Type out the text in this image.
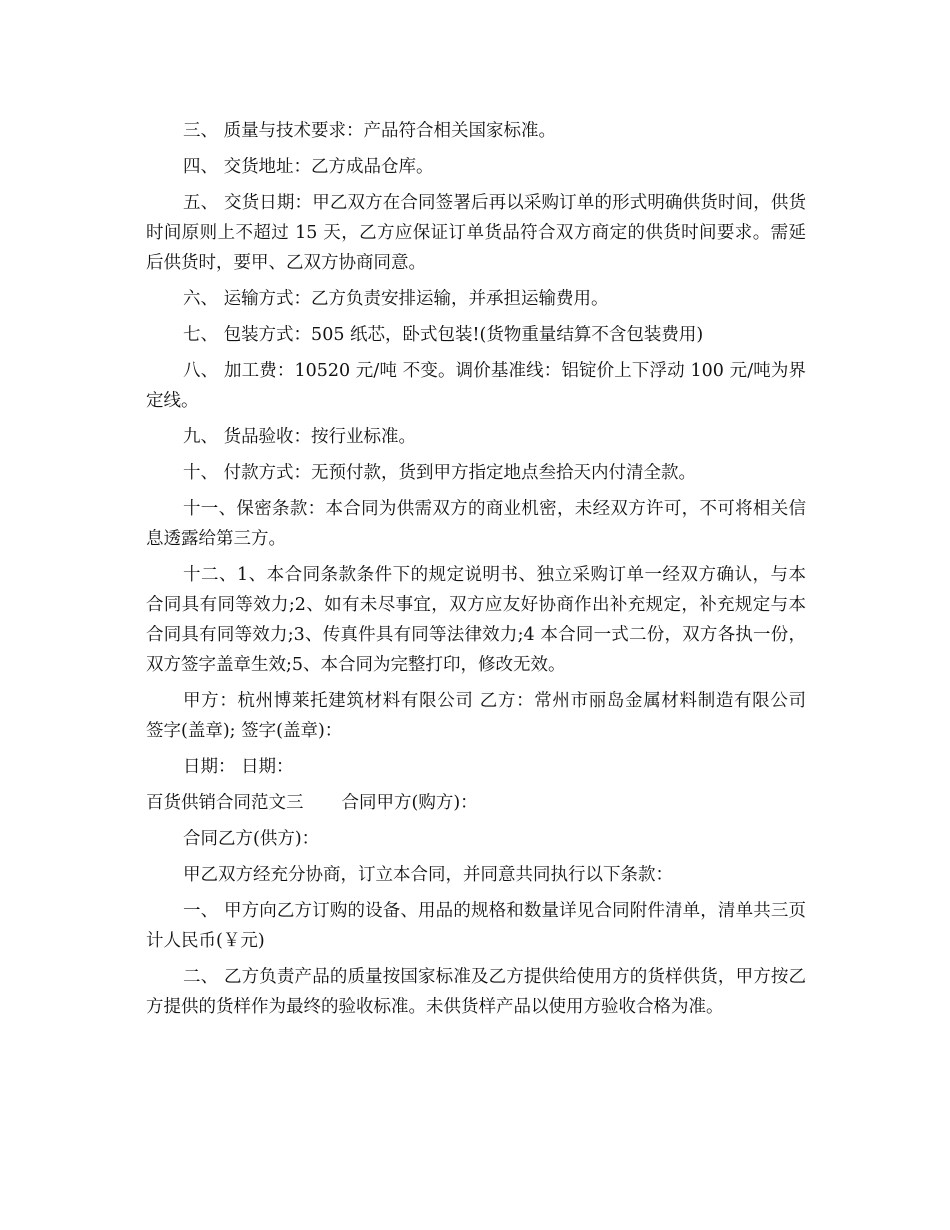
三、 质量与技术要求：产品符合相关国家标准。

四、 交货地址：乙方成品仓库。

五、 交货日期：甲乙双方在合同签署后再以采购订单的形式明确供货时间，供货时间原则上不超过 15 天，乙方应保证订单货品符合双方商定的供货时间要求。需延后供货时，要甲、乙双方协商同意。

六、 运输方式：乙方负责安排运输，并承担运输费用。

七、 包装方式：505 纸芯，卧式包装!(货物重量结算不含包装费用)

八、 加工费：10520 元/吨 不变。调价基准线：铝锭价上下浮动 100 元/吨为界定线。

九、 货品验收：按行业标准。

十、 付款方式：无预付款，货到甲方指定地点叁拾天内付清全款。

十一、保密条款：本合同为供需双方的商业机密，未经双方许可，不可将相关信息透露给第三方。

十二、1、本合同条款条件下的规定说明书、独立采购订单一经双方确认，与本合同具有同等效力;2、如有未尽事宜，双方应友好协商作出补充规定，补充规定与本合同具有同等效力;3、传真件具有同等法律效力;4 本合同一式二份，双方各执一份，双方签字盖章生效;5、本合同为完整打印，修改无效。

甲方：杭州博莱托建筑材料有限公司 乙方：常州市丽岛金属材料制造有限公司 签字(盖章); 签字(盖章)：

日期： 日期：

百货供销合同范文三 合同甲方(购方)：

合同乙方(供方)：

甲乙双方经充分协商，订立本合同，并同意共同执行以下条款：

一、 甲方向乙方订购的设备、用品的规格和数量详见合同附件清单，清单共三页计人民币(￥元)

二、 乙方负责产品的质量按国家标准及乙方提供给使用方的货样供货，甲方按乙方提供的货样作为最终的验收标准。未供货样产品以使用方验收合格为准。
